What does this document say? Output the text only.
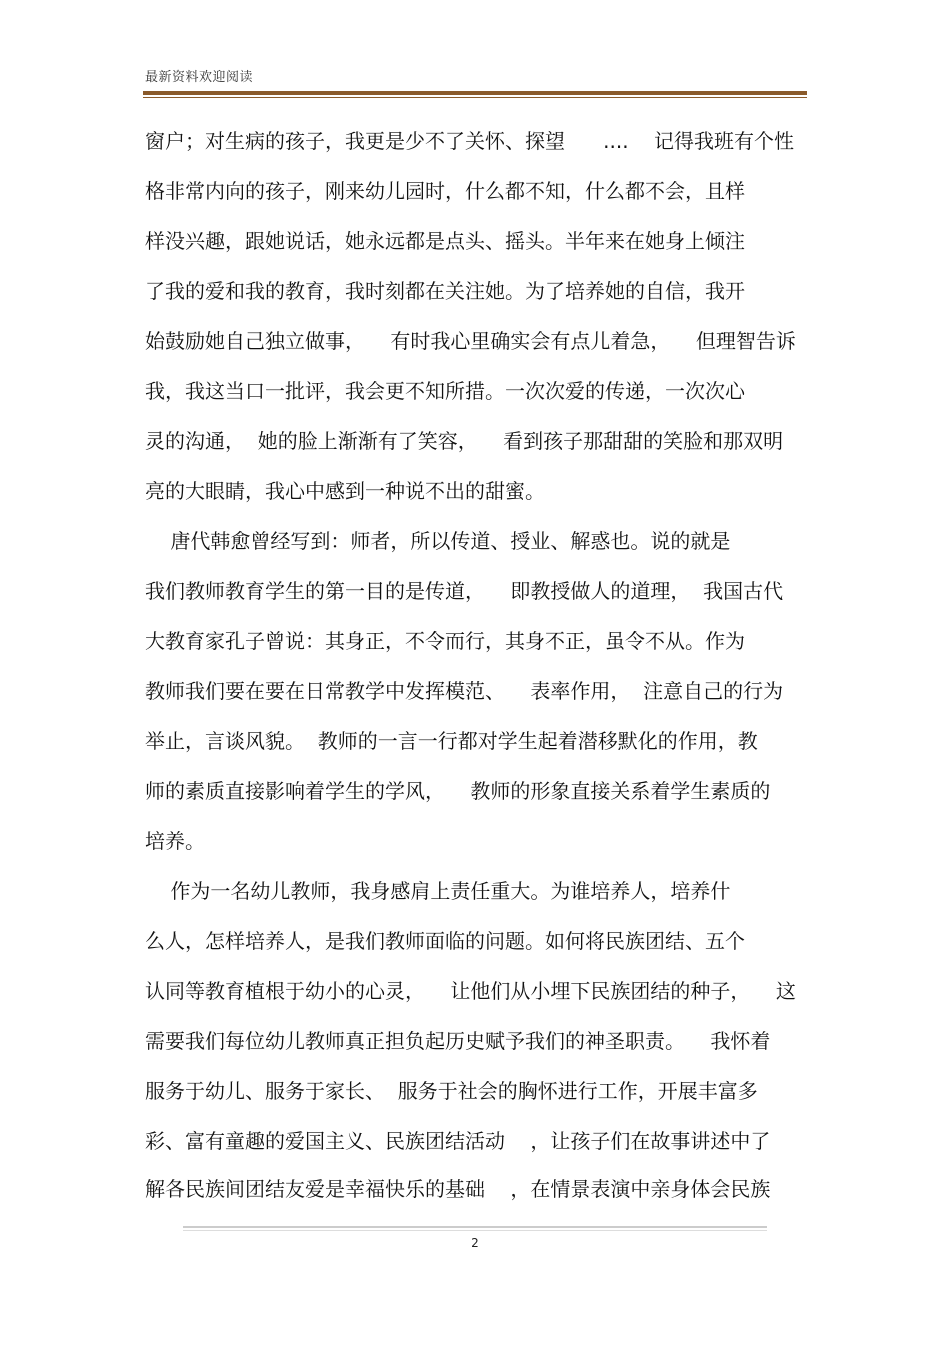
最新资料欢迎阅读
窗户；对生病的孩子，我更是少不了关怀、探望      ....    记得我班有个性
格非常内向的孩子，刚来幼儿园时，什么都不知，什么都不会，且样
样没兴趣，跟她说话，她永远都是点头、摇头。半年来在她身上倾注
了我的爱和我的教育，我时刻都在关注她。为了培养她的自信，我开
始鼓励她自己独立做事，    有时我心里确实会有点儿着急，    但理智告诉
我，我这当口一批评，我会更不知所措。一次次爱的传递，一次次心
灵的沟通，  她的脸上渐渐有了笑容，    看到孩子那甜甜的笑脸和那双明
亮的大眼睛，我心中感到一种说不出的甜蜜。
唐代韩愈曾经写到：师者，所以传道、授业、解惑也。说的就是
我们教师教育学生的第一目的是传道，    即教授做人的道理，  我国古代
大教育家孔子曾说：其身正，不令而行，其身不正，虽令不从。作为
教师我们要在要在日常教学中发挥模范、    表率作用，  注意自己的行为
举止，言谈风貌。  教师的一言一行都对学生起着潜移默化的作用，教
师的素质直接影响着学生的学风，    教师的形象直接关系着学生素质的
培养。
作为一名幼儿教师，我身感肩上责任重大。为谁培养人，培养什
么人，怎样培养人，是我们教师面临的问题。如何将民族团结、五个
认同等教育植根于幼小的心灵，    让他们从小埋下民族团结的种子，    这
需要我们每位幼儿教师真正担负起历史赋予我们的神圣职责。    我怀着
服务于幼儿、服务于家长、  服务于社会的胸怀进行工作，开展丰富多
彩、富有童趣的爱国主义、民族团结活动    ，让孩子们在故事讲述中了
解各民族间团结友爱是幸福快乐的基础    ，在情景表演中亲身体会民族
2
